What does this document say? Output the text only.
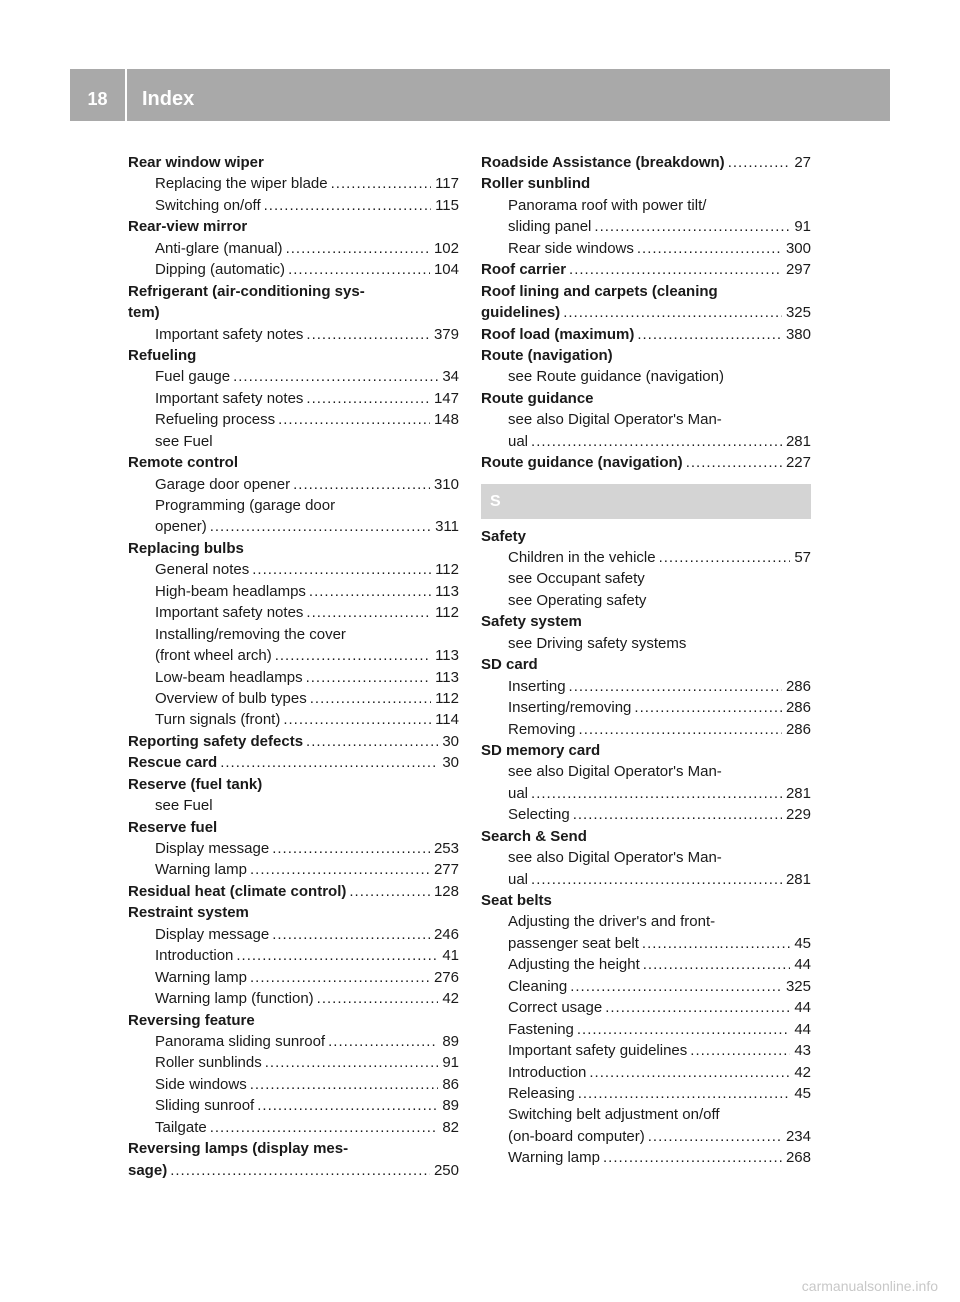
18	Index
Rear window wiper
Replacing the wiper blade .....	117
Switching on/off .....	115
Rear-view mirror
Anti-glare (manual) .....	102
Dipping (automatic) .....	104
Refrigerant (air-conditioning sys-
tem)
Important safety notes .....	379
Refueling
Fuel gauge .....	34
Important safety notes .....	147
Refueling process .....	148
see Fuel
Remote control
Garage door opener .....	310
Programming (garage door
opener) .....	311
Replacing bulbs
General notes .....	112
High-beam headlamps .....	113
Important safety notes .....	112
Installing/removing the cover
(front wheel arch) .....	113
Low-beam headlamps .....	113
Overview of bulb types .....	112
Turn signals (front) .....	114
Reporting safety defects .....	30
Rescue card .....	30
Reserve (fuel tank)
see Fuel
Reserve fuel
Display message .....	253
Warning lamp .....	277
Residual heat (climate control) .....	128
Restraint system
Display message .....	246
Introduction .....	41
Warning lamp .....	276
Warning lamp (function) .....	42
Reversing feature
Panorama sliding sunroof .....	89
Roller sunblinds .....	91
Side windows .....	86
Sliding sunroof .....	89
Tailgate .....	82
Reversing lamps (display mes-
sage) .....	250
Roadside Assistance (breakdown) .....	27
Roller sunblind
Panorama roof with power tilt/
sliding panel .....	91
Rear side windows .....	300
Roof carrier .....	297
Roof lining and carpets (cleaning
guidelines) .....	325
Roof load (maximum) .....	380
Route (navigation)
see Route guidance (navigation)
Route guidance
see also Digital Operator's Man-
ual .....	281
Route guidance (navigation) .....	227
S
Safety
Children in the vehicle .....	57
see Occupant safety
see Operating safety
Safety system
see Driving safety systems
SD card
Inserting .....	286
Inserting/removing .....	286
Removing .....	286
SD memory card
see also Digital Operator's Man-
ual .....	281
Selecting .....	229
Search & Send
see also Digital Operator's Man-
ual .....	281
Seat belts
Adjusting the driver's and front-
passenger seat belt .....	45
Adjusting the height .....	44
Cleaning .....	325
Correct usage .....	44
Fastening .....	44
Important safety guidelines .....	43
Introduction .....	42
Releasing .....	45
Switching belt adjustment on/off
(on-board computer) .....	234
Warning lamp .....	268
carmanualsonline.info
